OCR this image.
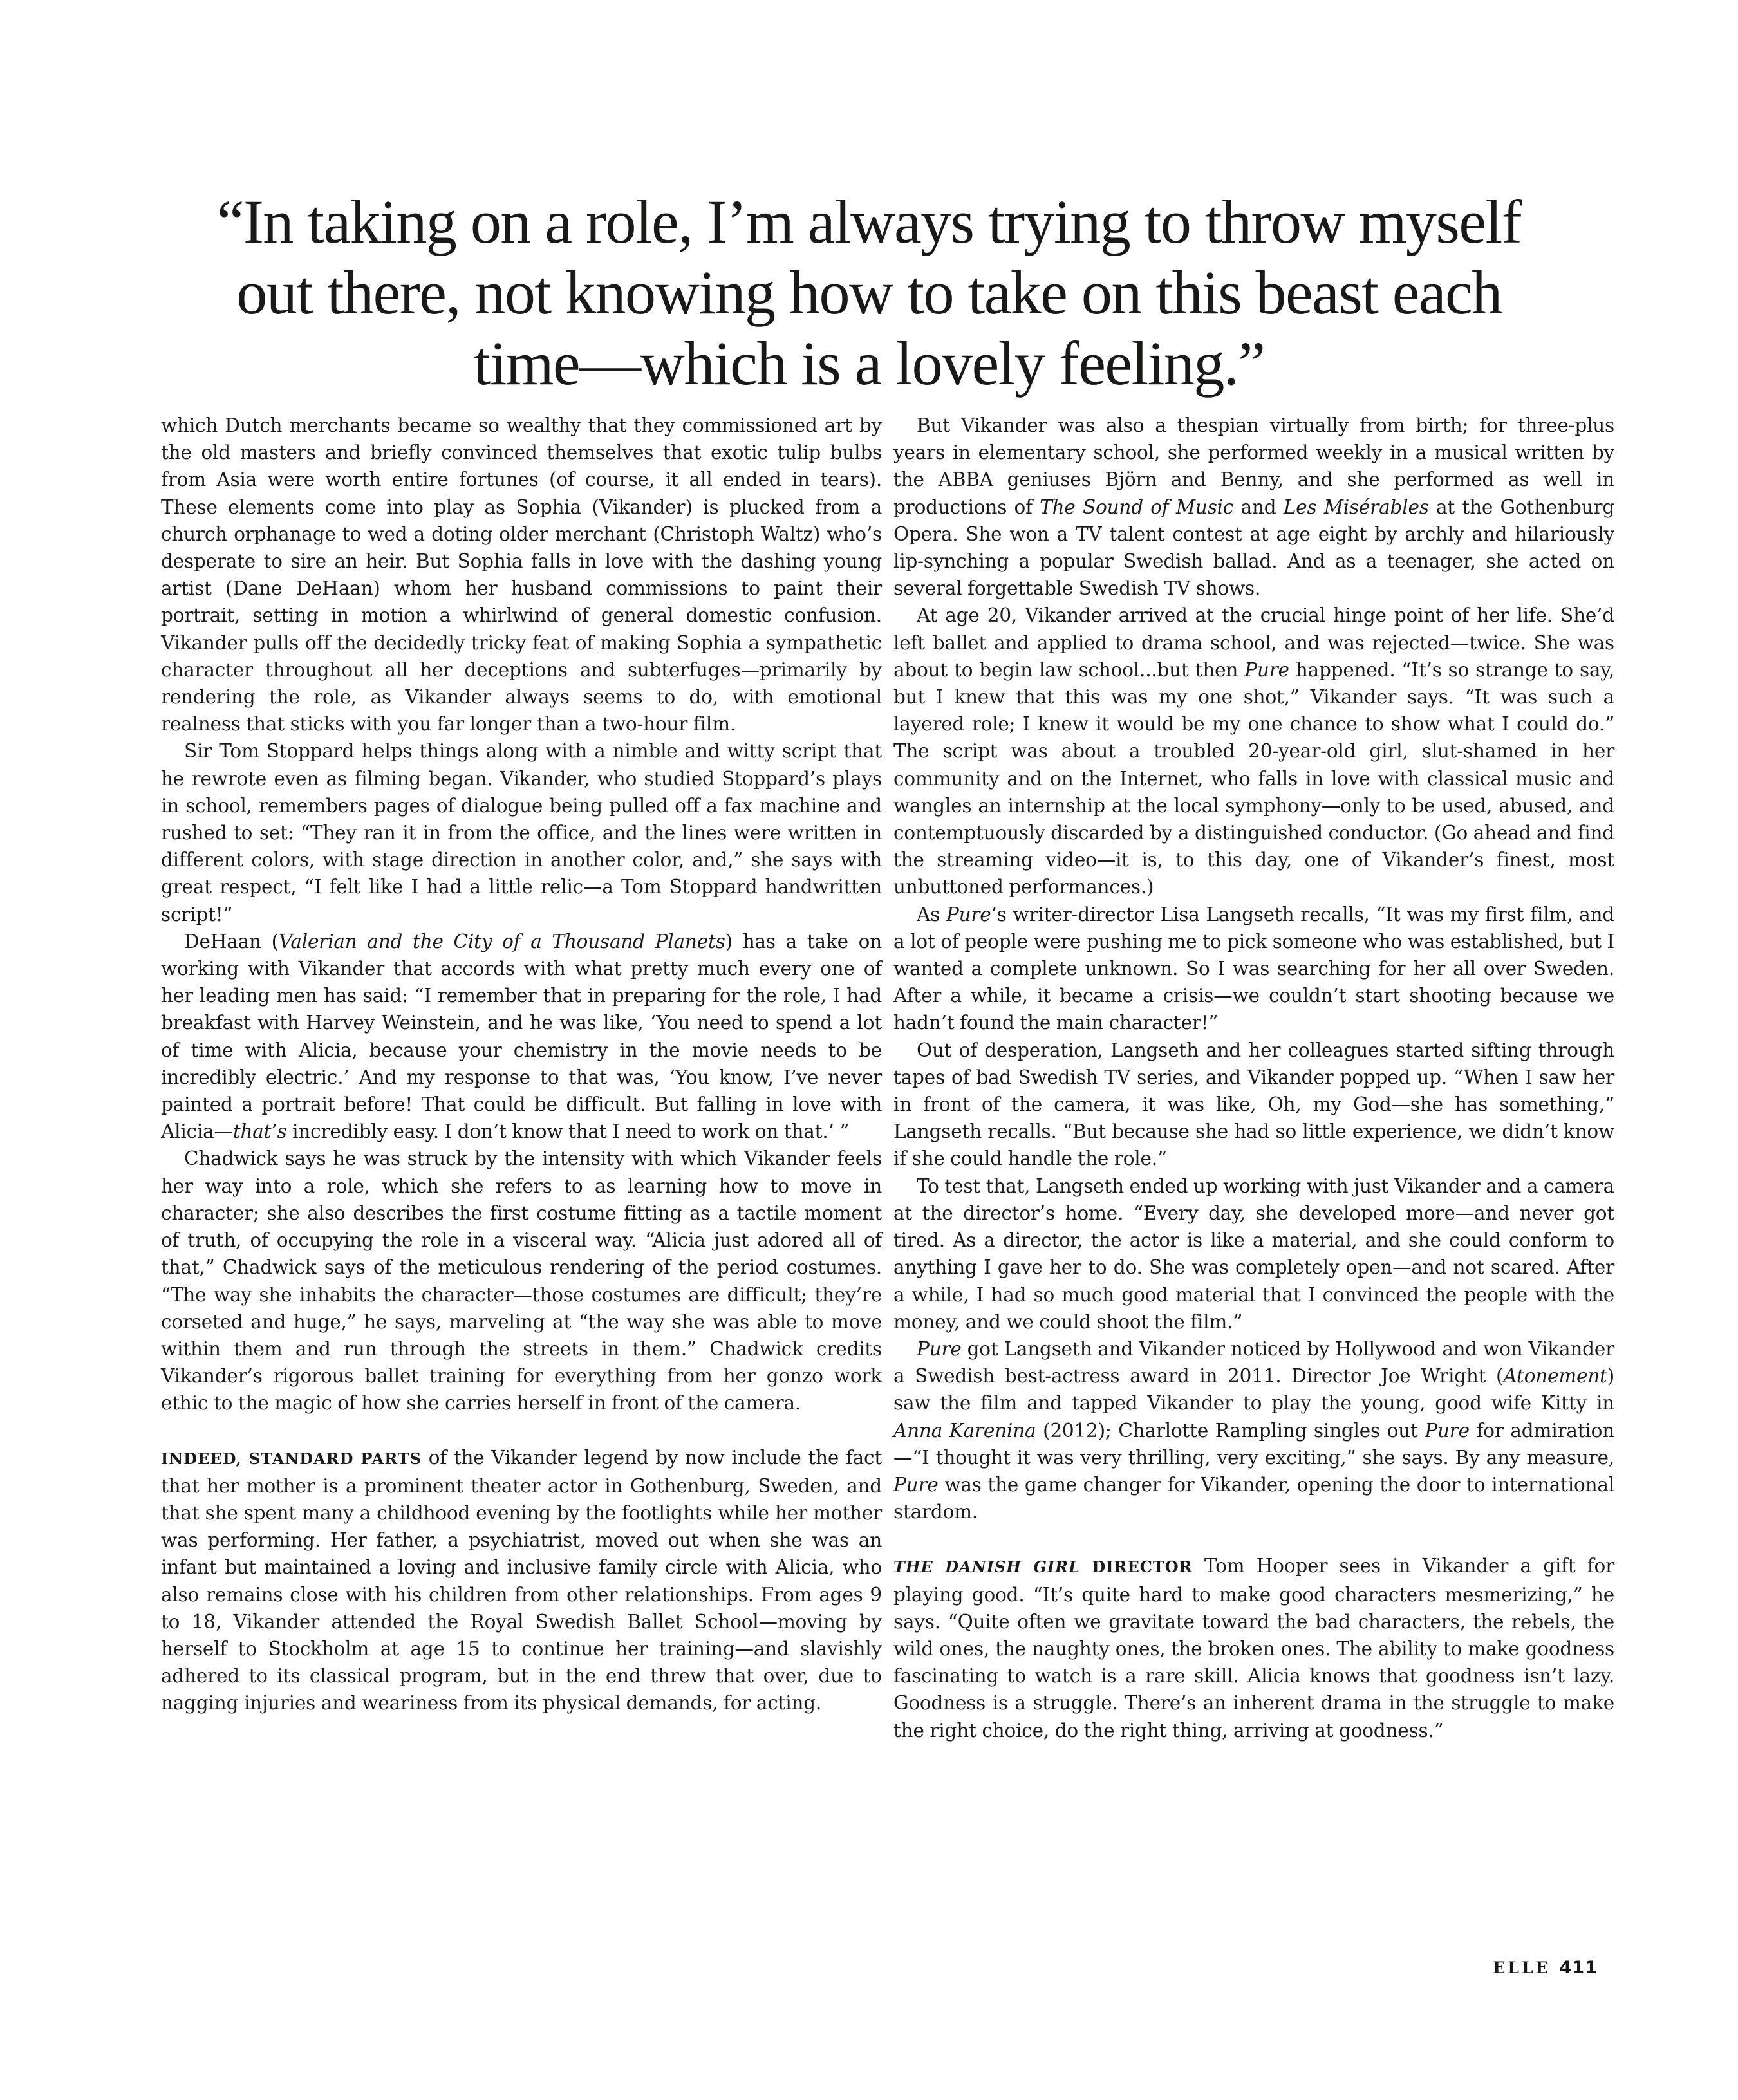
“In taking on a role, I’m always trying to throw myself out there, not knowing how to take on this beast each time—which is a lovely feeling.”

which Dutch merchants became so wealthy that they commissioned art by the old masters and briefly convinced themselves that exotic tulip bulbs from Asia were worth entire fortunes (of course, it all ended in tears). These elements come into play as Sophia (Vikander) is plucked from a church orphanage to wed a doting older merchant (Christoph Waltz) who’s desperate to sire an heir. But Sophia falls in love with the dashing young artist (Dane DeHaan) whom her husband commissions to paint their portrait, setting in motion a whirlwind of general domestic confusion. Vikander pulls off the decidedly tricky feat of making Sophia a sympathetic character throughout all her deceptions and subterfuges—primarily by rendering the role, as Vikander always seems to do, with emotional realness that sticks with you far longer than a two-hour film.

Sir Tom Stoppard helps things along with a nimble and witty script that he rewrote even as filming began. Vikander, who studied Stoppard’s plays in school, remembers pages of dialogue being pulled off a fax machine and rushed to set: “They ran it in from the office, and the lines were written in different colors, with stage direction in another color, and,” she says with great respect, “I felt like I had a little relic—a Tom Stoppard handwritten script!”

DeHaan (Valerian and the City of a Thousand Planets) has a take on working with Vikander that accords with what pretty much every one of her leading men has said: “I remember that in preparing for the role, I had breakfast with Harvey Weinstein, and he was like, ‘You need to spend a lot of time with Alicia, because your chemistry in the movie needs to be incredibly electric.’ And my response to that was, ‘You know, I’ve never painted a portrait before! That could be difficult. But falling in love with Alicia—that’s incredibly easy. I don’t know that I need to work on that.’ ”

Chadwick says he was struck by the intensity with which Vikander feels her way into a role, which she refers to as learning how to move in character; she also describes the first costume fitting as a tactile moment of truth, of occupying the role in a visceral way. “Alicia just adored all of that,” Chadwick says of the meticulous rendering of the period costumes. “The way she inhabits the character—those costumes are difficult; they’re corseted and huge,” he says, marveling at “the way she was able to move within them and run through the streets in them.” Chadwick credits Vikander’s rigorous ballet training for everything from her gonzo work ethic to the magic of how she carries herself in front of the camera.

INDEED, STANDARD PARTS of the Vikander legend by now include the fact that her mother is a prominent theater actor in Gothenburg, Sweden, and that she spent many a childhood evening by the footlights while her mother was performing. Her father, a psychiatrist, moved out when she was an infant but maintained a loving and inclusive family circle with Alicia, who also remains close with his children from other relationships. From ages 9 to 18, Vikander attended the Royal Swedish Ballet School—moving by herself to Stockholm at age 15 to continue her training—and slavishly adhered to its classical program, but in the end threw that over, due to nagging injuries and weariness from its physical demands, for acting.

But Vikander was also a thespian virtually from birth; for three-plus years in elementary school, she performed weekly in a musical written by the ABBA geniuses Björn and Benny, and she performed as well in productions of The Sound of Music and Les Misérables at the Gothenburg Opera. She won a TV talent contest at age eight by archly and hilariously lip-synching a popular Swedish ballad. And as a teenager, she acted on several forgettable Swedish TV shows.

At age 20, Vikander arrived at the crucial hinge point of her life. She’d left ballet and applied to drama school, and was rejected—twice. She was about to begin law school...but then Pure happened. “It’s so strange to say, but I knew that this was my one shot,” Vikander says. “It was such a layered role; I knew it would be my one chance to show what I could do.” The script was about a troubled 20-year-old girl, slut-shamed in her community and on the Internet, who falls in love with classical music and wangles an internship at the local symphony—only to be used, abused, and contemptuously discarded by a distinguished conductor. (Go ahead and find the streaming video—it is, to this day, one of Vikander’s finest, most unbuttoned performances.)

As Pure’s writer-director Lisa Langseth recalls, “It was my first film, and a lot of people were pushing me to pick someone who was established, but I wanted a complete unknown. So I was searching for her all over Sweden. After a while, it became a crisis—we couldn’t start shooting because we hadn’t found the main character!”

Out of desperation, Langseth and her colleagues started sifting through tapes of bad Swedish TV series, and Vikander popped up. “When I saw her in front of the camera, it was like, Oh, my God—she has something,” Langseth recalls. “But because she had so little experience, we didn’t know if she could handle the role.”

To test that, Langseth ended up working with just Vikander and a camera at the director’s home. “Every day, she developed more—and never got tired. As a director, the actor is like a material, and she could conform to anything I gave her to do. She was completely open—and not scared. After a while, I had so much good material that I convinced the people with the money, and we could shoot the film.”

Pure got Langseth and Vikander noticed by Hollywood and won Vikander a Swedish best-actress award in 2011. Director Joe Wright (Atonement) saw the film and tapped Vikander to play the young, good wife Kitty in Anna Karenina (2012); Charlotte Rampling singles out Pure for admiration—“I thought it was very thrilling, very exciting,” she says. By any measure, Pure was the game changer for Vikander, opening the door to international stardom.

THE DANISH GIRL DIRECTOR Tom Hooper sees in Vikander a gift for playing good. “It’s quite hard to make good characters mesmerizing,” he says. “Quite often we gravitate toward the bad characters, the rebels, the wild ones, the naughty ones, the broken ones. The ability to make goodness fascinating to watch is a rare skill. Alicia knows that goodness isn’t lazy. Goodness is a struggle. There’s an inherent drama in the struggle to make the right choice, do the right thing, arriving at goodness.”

ELLE 411
